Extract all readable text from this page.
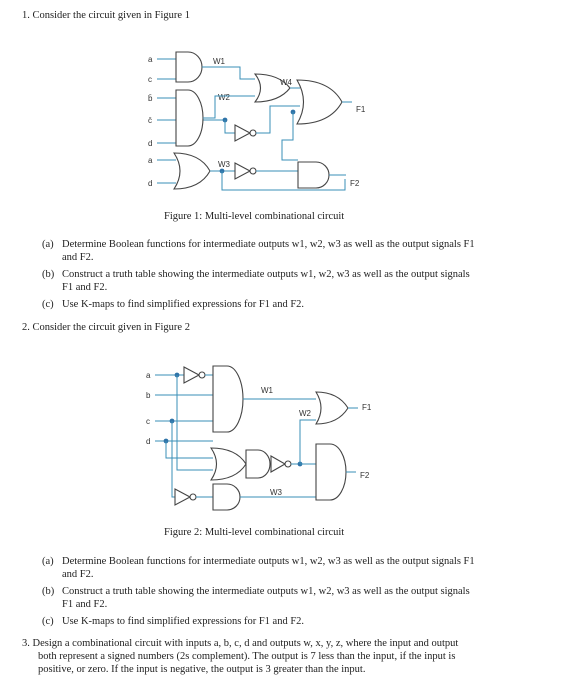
1. Consider the circuit given in Figure 1
a
c
b̄
c̄
d
a
d
W1
W2
W3
W4
F1
F2
Figure 1: Multi-level combinational circuit
(a) Determine Boolean functions for intermediate outputs w1, w2, w3 as well as the output signals F1
and F2.
(b) Construct a truth table showing the intermediate outputs w1, w2, w3 as well as the output signals
F1 and F2.
(c) Use K-maps to find simplified expressions for F1 and F2.
2. Consider the circuit given in Figure 2
a
b
c
d
W1
W2
F1
W3
F2
Figure 2: Multi-level combinational circuit
(a) Determine Boolean functions for intermediate outputs w1, w2, w3 as well as the output signals F1
and F2.
(b) Construct a truth table showing the intermediate outputs w1, w2, w3 as well as the output signals
F1 and F2.
(c) Use K-maps to find simplified expressions for F1 and F2.
3. Design a combinational circuit with inputs a, b, c, d and outputs w, x, y, z, where the input and output
both represent a signed numbers (2s complement). The output is 7 less than the input, if the input is
positive, or zero. If the input is negative, the output is 3 greater than the input.
